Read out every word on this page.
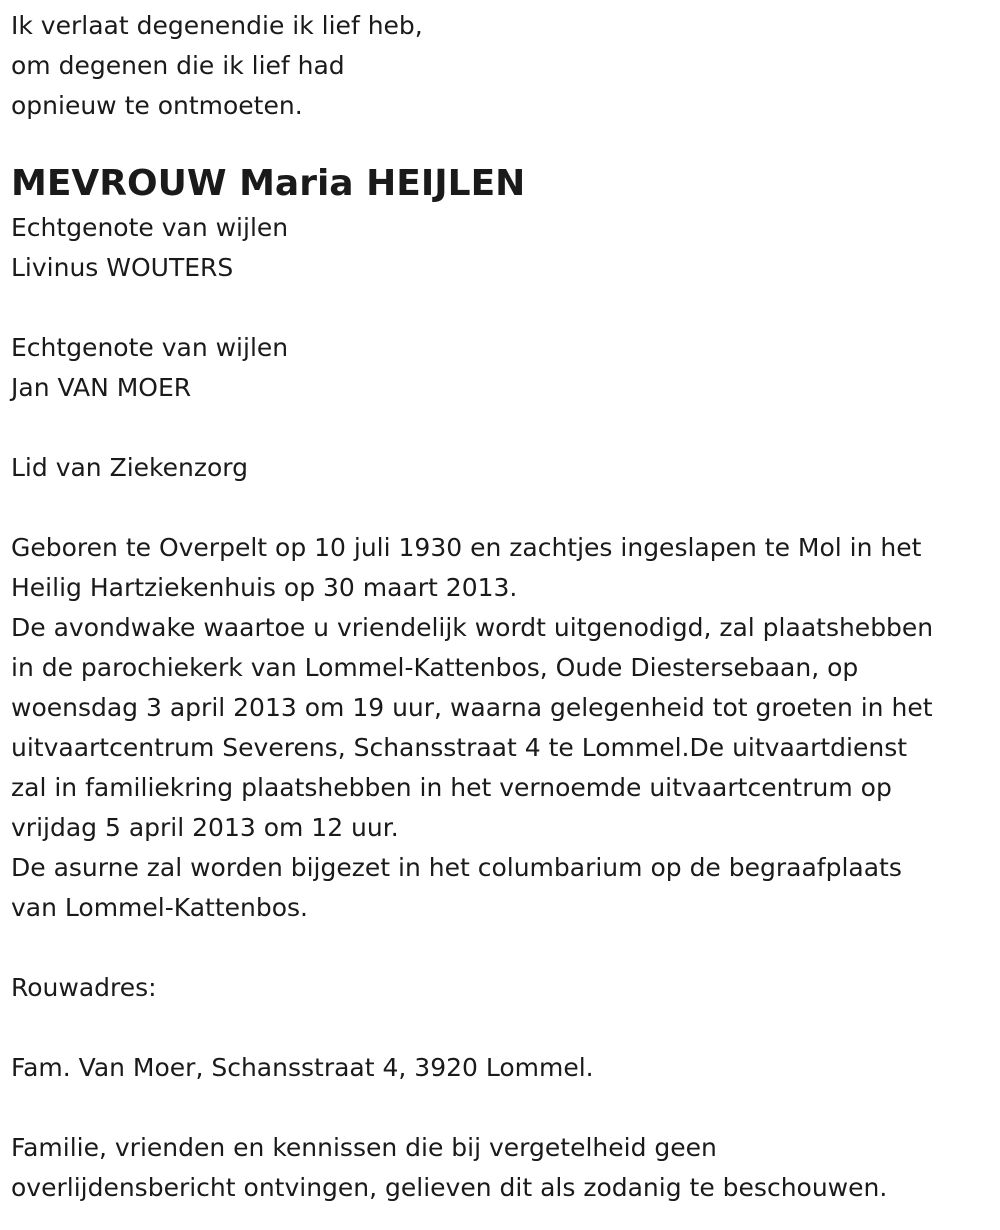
Ik verlaat degenendie ik lief heb,
om degenen die ik lief had
opnieuw te ontmoeten.
MEVROUW Maria HEIJLEN
Echtgenote van wijlen
Livinus WOUTERS
Echtgenote van wijlen
Jan VAN MOER
Lid van Ziekenzorg
Geboren te Overpelt op 10 juli 1930 en zachtjes ingeslapen te Mol in het
Heilig Hartziekenhuis op 30 maart 2013.
De avondwake waartoe u vriendelijk wordt uitgenodigd, zal plaatshebben
in de parochiekerk van Lommel-Kattenbos, Oude Diestersebaan, op
woensdag 3 april 2013 om 19 uur, waarna gelegenheid tot groeten in het
uitvaartcentrum Severens, Schansstraat 4 te Lommel.De uitvaartdienst
zal in familiekring plaatshebben in het vernoemde uitvaartcentrum op
vrijdag 5 april 2013 om 12 uur.
De asurne zal worden bijgezet in het columbarium op de begraafplaats
van Lommel-Kattenbos.
Rouwadres:
Fam. Van Moer, Schansstraat 4, 3920 Lommel.
Familie, vrienden en kennissen die bij vergetelheid geen
overlijdensbericht ontvingen, gelieven dit als zodanig te beschouwen.
